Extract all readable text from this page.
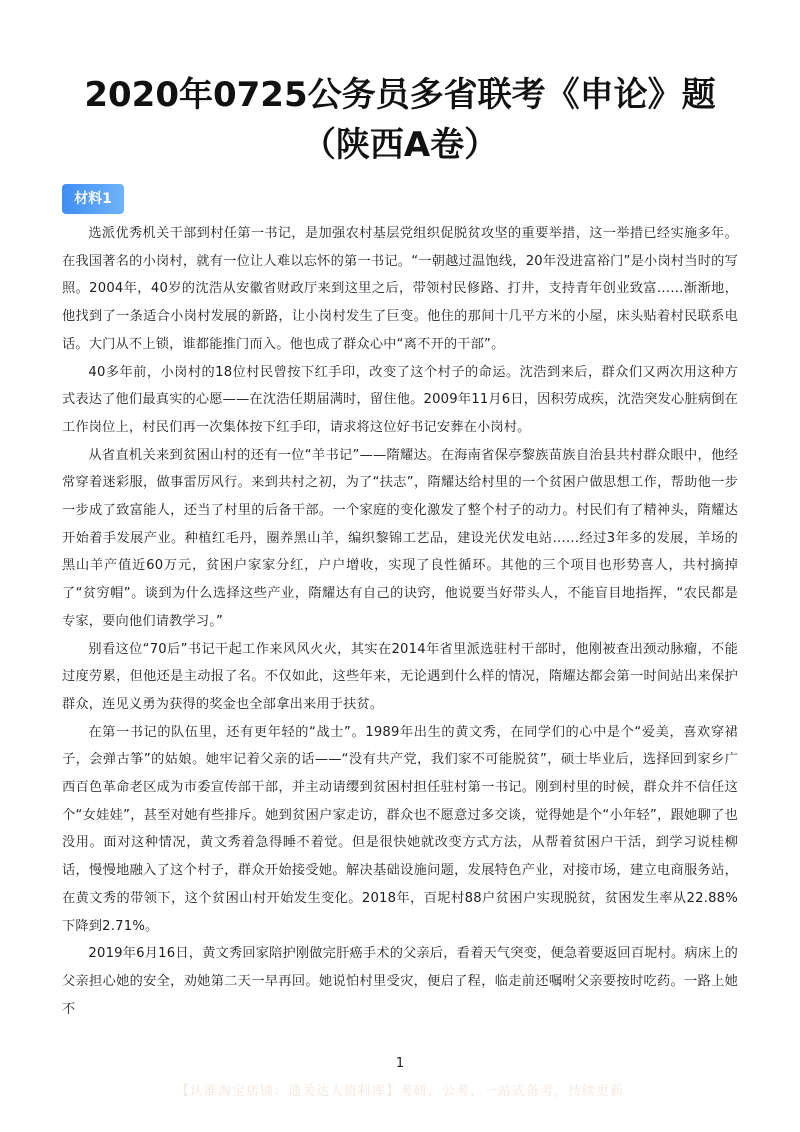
2020年0725公务员多省联考《申论》题
（陕西A卷）
材料1

选派优秀机关干部到村任第一书记，是加强农村基层党组织促脱贫攻坚的重要举措，这一举措已经实施多年。在我国著名的小岗村，就有一位让人难以忘怀的第一书记。“一朝越过温饱线，20年没进富裕门”是小岗村当时的写照。2004年，40岁的沈浩从安徽省财政厅来到这里之后，带领村民修路、打井，支持青年创业致富……渐渐地，他找到了一条适合小岗村发展的新路，让小岗村发生了巨变。他住的那间十几平方米的小屋，床头贴着村民联系电话。大门从不上锁，谁都能推门而入。他也成了群众心中“离不开的干部”。

40多年前，小岗村的18位村民曾按下红手印，改变了这个村子的命运。沈浩到来后，群众们又两次用这种方式表达了他们最真实的心愿——在沈浩任期届满时，留住他。2009年11月6日，因积劳成疾，沈浩突发心脏病倒在工作岗位上，村民们再一次集体按下红手印，请求将这位好书记安葬在小岗村。

从省直机关来到贫困山村的还有一位“羊书记”——隋耀达。在海南省保亭黎族苗族自治县共村群众眼中，他经常穿着迷彩服，做事雷厉风行。来到共村之初，为了“扶志”，隋耀达给村里的一个贫困户做思想工作，帮助他一步一步成了致富能人，还当了村里的后备干部。一个家庭的变化激发了整个村子的动力。村民们有了精神头，隋耀达开始着手发展产业。种植红毛丹，圈养黑山羊，编织黎锦工艺品，建设光伏发电站……经过3年多的发展，羊场的黑山羊产值近60万元，贫困户家家分红，户户增收，实现了良性循环。其他的三个项目也形势喜人，共村摘掉了“贫穷帽”。谈到为什么选择这些产业，隋耀达有自己的诀窍，他说要当好带头人，不能盲目地指挥，“农民都是专家，要向他们请教学习。”

别看这位“70后”书记干起工作来风风火火，其实在2014年省里派选驻村干部时，他刚被查出颈动脉瘤，不能过度劳累，但他还是主动报了名。不仅如此，这些年来，无论遇到什么样的情况，隋耀达都会第一时间站出来保护群众，连见义勇为获得的奖金也全部拿出来用于扶贫。

在第一书记的队伍里，还有更年轻的“战士”。1989年出生的黄文秀，在同学们的心中是个“爱美，喜欢穿裙子，会弹古筝”的姑娘。她牢记着父亲的话——“没有共产党，我们家不可能脱贫”，硕士毕业后，选择回到家乡广西百色革命老区成为市委宣传部干部，并主动请缨到贫困村担任驻村第一书记。刚到村里的时候，群众并不信任这个“女娃娃”，甚至对她有些排斥。她到贫困户家走访，群众也不愿意过多交谈，觉得她是个“小年轻”，跟她聊了也没用。面对这种情况，黄文秀着急得睡不着觉。但是很快她就改变方式方法，从帮着贫困户干活，到学习说桂柳话，慢慢地融入了这个村子，群众开始接受她。解决基础设施问题，发展特色产业，对接市场，建立电商服务站，在黄文秀的带领下，这个贫困山村开始发生变化。2018年，百坭村88户贫困户实现脱贫，贫困发生率从22.88%下降到2.71%。

2019年6月16日，黄文秀回家陪护刚做完肝癌手术的父亲后，看着天气突变，便急着要返回百坭村。病床上的父亲担心她的安全，劝她第二天一早再回。她说怕村里受灾，便启了程，临走前还嘱咐父亲要按时吃药。一路上她不

1
【认准淘宝店铺：通关达人资料库】考研，公考，一站式备考，持续更新
